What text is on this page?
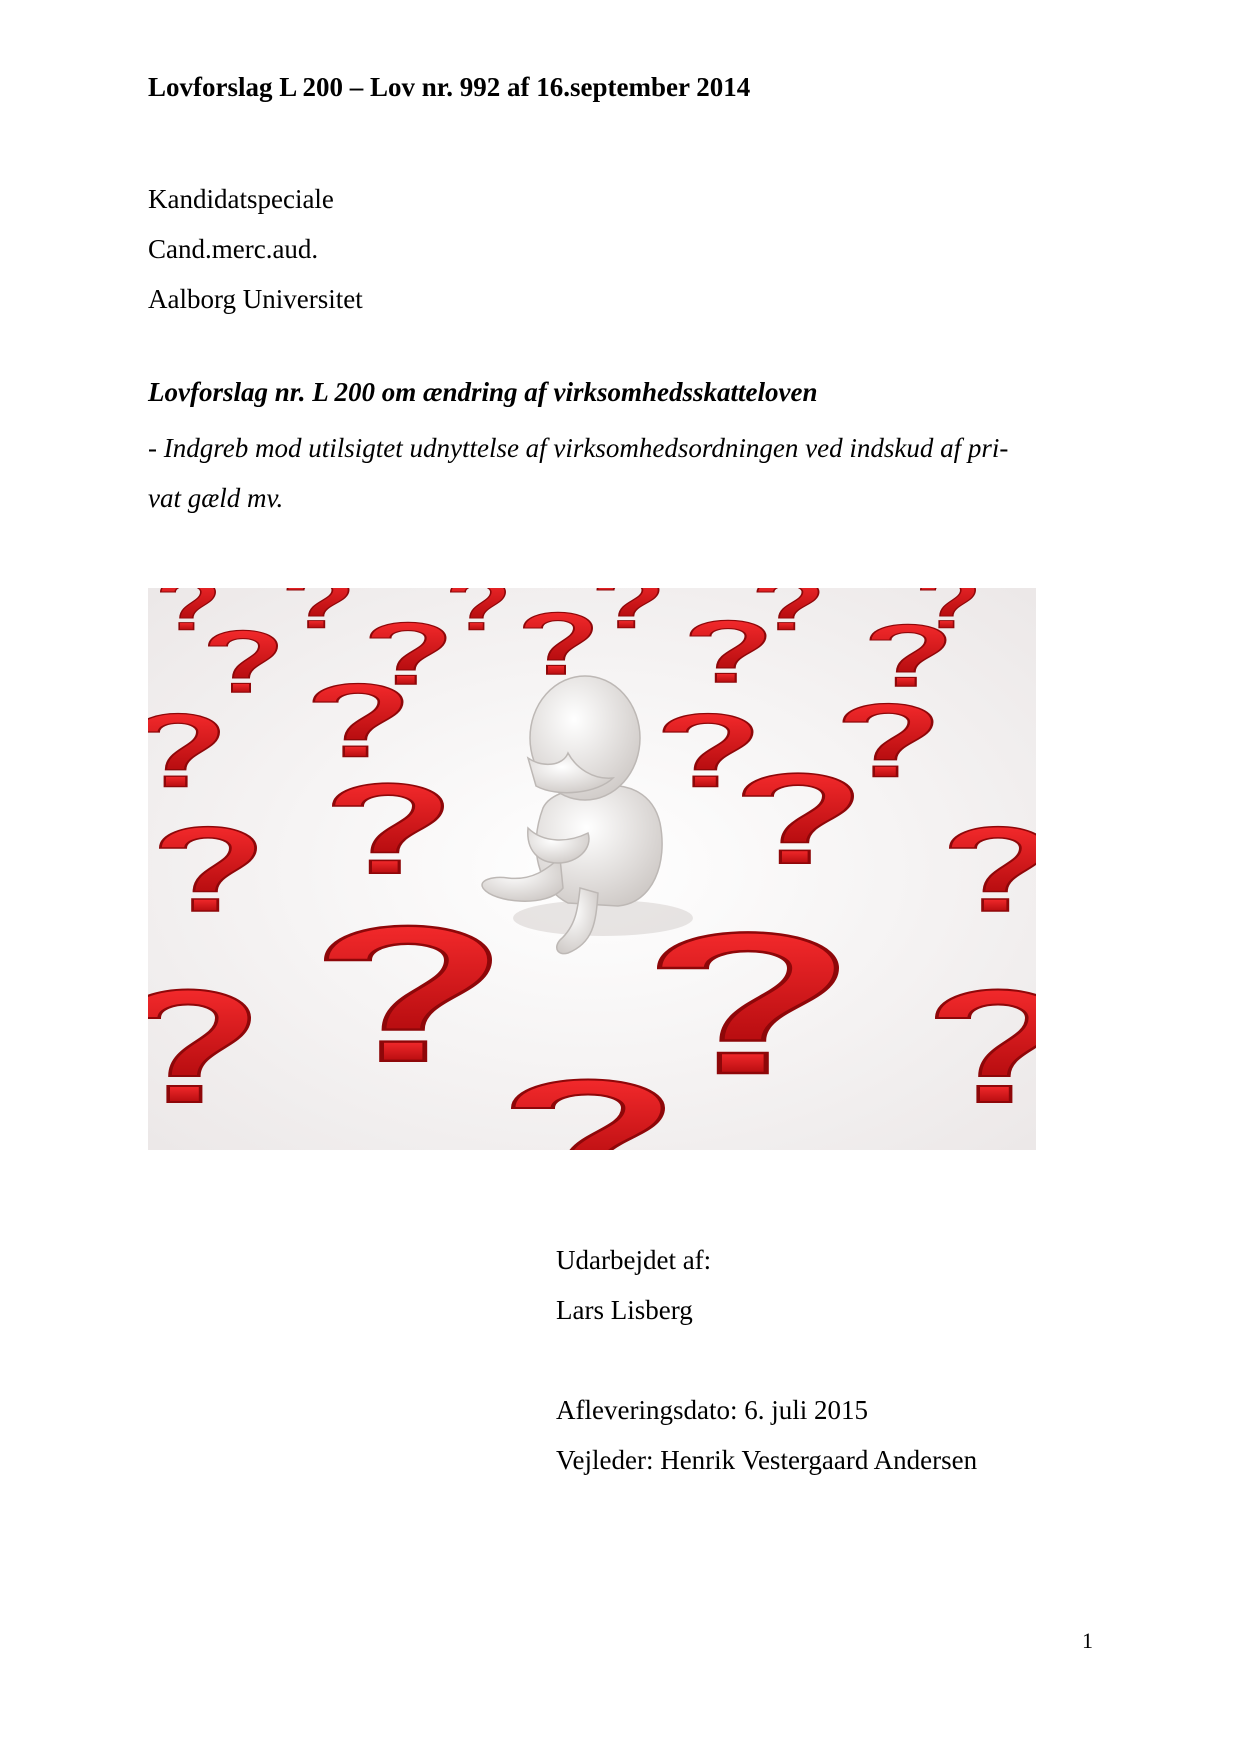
Lovforslag L 200 – Lov nr. 992 af 16.september 2014
Kandidatspeciale
Cand.merc.aud.
Aalborg Universitet
Lovforslag nr. L 200 om ændring af virksomhedsskatteloven
- Indgreb mod utilsigtet udnyttelse af virksomhedsordningen ved indskud af pri-
vat gæld mv.
Udarbejdet af:
Lars Lisberg
Afleveringsdato: 6. juli 2015
Vejleder: Henrik Vestergaard Andersen
1
